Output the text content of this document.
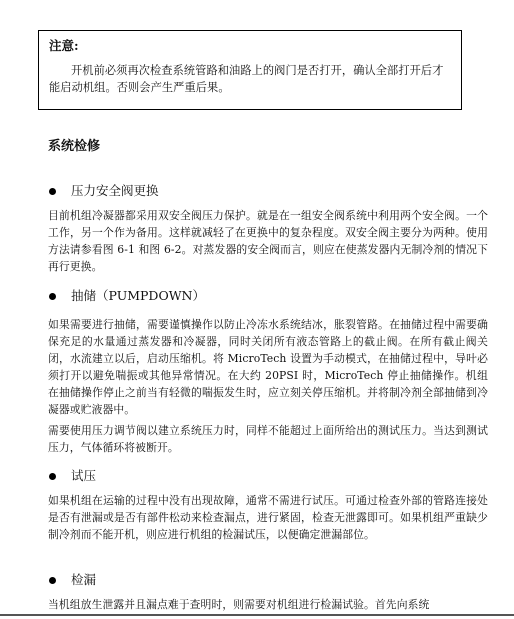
注意:
开机前必须再次检查系统管路和油路上的阀门是否打开，确认全部打开后才能启动机组。否则会产生严重后果。
系统检修
压力安全阀更换
目前机组冷凝器都采用双安全阀压力保护。就是在一组安全阀系统中利用两个安全阀。一个工作，另一个作为备用。这样就减轻了在更换中的复杂程度。双安全阀主要分为两种。使用方法请参看图 6-1 和图 6-2。对蒸发器的安全阀而言，则应在使蒸发器内无制冷剂的情况下再行更换。
抽储（PUMPDOWN）
如果需要进行抽储，需要谨慎操作以防止冷冻水系统结冰，胀裂管路。在抽储过程中需要确保充足的水量通过蒸发器和冷凝器，同时关闭所有液态管路上的截止阀。在所有截止阀关闭，水流建立以后，启动压缩机。将 MicroTech 设置为手动模式，在抽储过程中，导叶必须打开以避免喘振或其他异常情况。在大约 20PSI 时，MicroTech 停止抽储操作。机组在抽储操作停止之前当有轻微的喘振发生时，应立刻关停压缩机。并将制冷剂全部抽储到冷凝器或贮液器中。
需要使用压力调节阀以建立系统压力时，同样不能超过上面所给出的测试压力。当达到测试压力，气体循环将被断开。
试压
如果机组在运输的过程中没有出现故障，通常不需进行试压。可通过检查外部的管路连接处是否有泄漏或是否有部件松动来检查漏点，进行紧固，检查无泄露即可。如果机组严重缺少制冷剂而不能开机，则应进行机组的检漏试压，以便确定泄漏部位。
检漏
当机组放生泄露并且漏点难于查明时，则需要对机组进行检漏试验。首先向系统
